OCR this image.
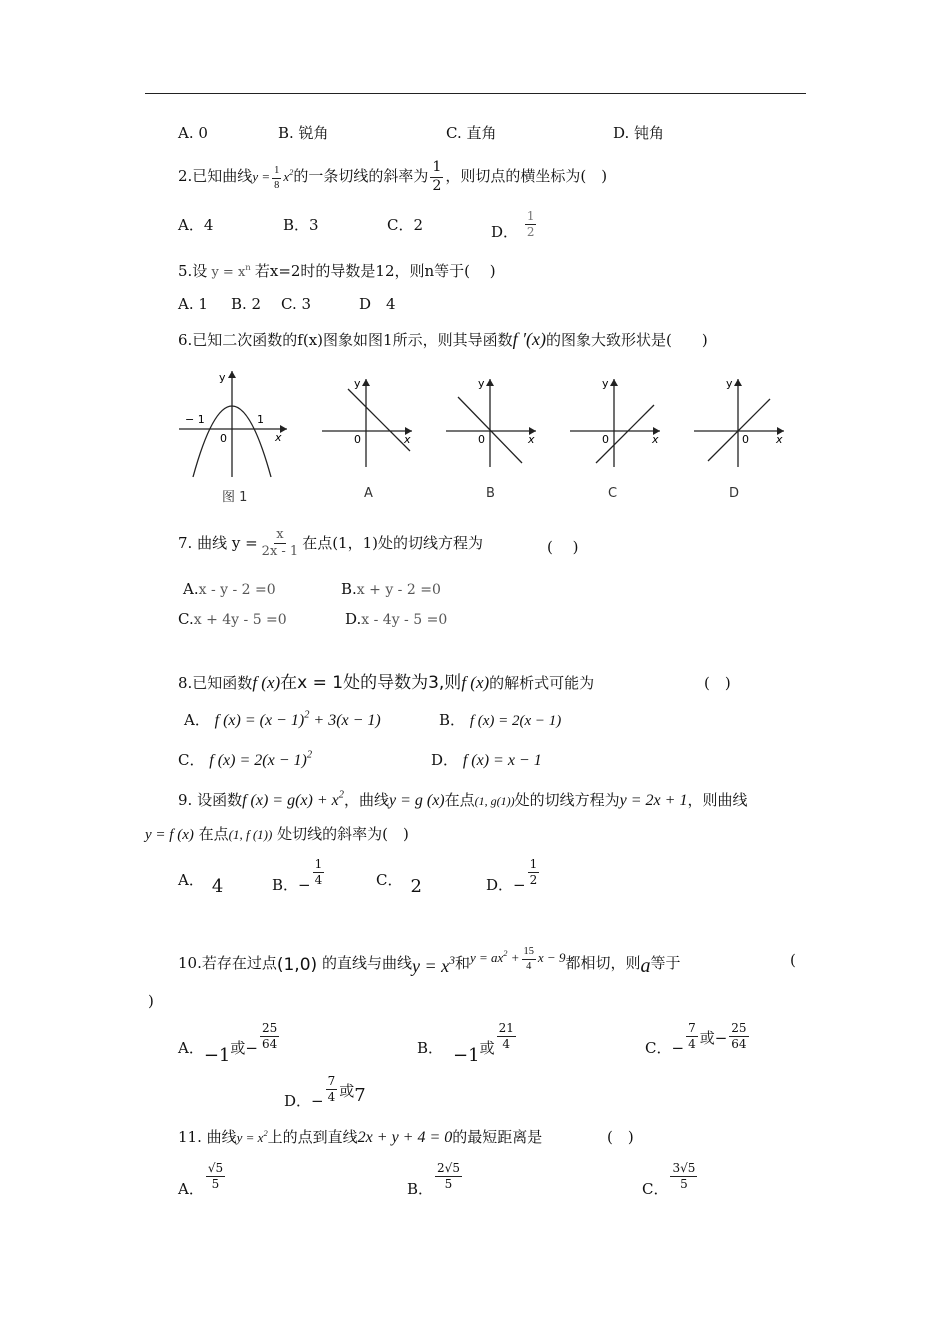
A. 0	B. 锐角	C. 直角	D. 钝角
2.已知曲线$y = \frac{1}{8} x^2$的一条切线的斜率为 $\frac{1}{2}$ ，则切点的横坐标为(　)
A．4	B．3	C．2	D． $\frac{1}{2}$
5.设 $y = x^n$ 若x=2时的导数是12，则n等于(　 )
A. 1 B. 2 C. 3	D　4
6.已知二次函数的f(x)图象如图1所示，则其导函数f ′(x)的图象大致形状是(　　)
y
x
0
− 1	1
y
x
0
y
x
0
y
x
0
y
x
0
图 1	A	B	C	D
7. 曲线 $y = \frac{x}{2x - 1}$ 在点(1，1)处的切线方程为	(　 )
A.x - y - 2 =0	B.x + y - 2 =0
C.x + 4y - 5 =0	D.x - 4y - 5 =0
8.已知函数f (x)在x = 1处的导数为3,则f (x)的解析式可能为	(　)
A． f $(x) = (x - 1)^2 + 3(x - 1)$	B． f (x) = 2(x − 1)
C． f $(x) = 2(x - 1)^2$	D． f (x) = x − 1
9. 设函数f $(x) = g(x) + x^2$，曲线y = g (x)在点(1, g(1))处的切线方程为y = 2x + 1，则曲线
y = f (x) 在点(1, f (1)) 处切线的斜率为(　)
A． 4	B．− $\frac{1}{4}$	C． 2	D．− $\frac{1}{2}$
10.若存在过点(1,0) 的直线与曲线$y = x^3$和$y = ax^2 + \frac{15}{4}$ x − 9都相切，则a等于	(
)
A．−1或− $\frac{25}{64}$	B． −1或 $\frac{21}{4}$	C．− $\frac{7}{4}$ 或− $\frac{25}{64}$
D．− $\frac{7}{4}$ 或7
11. 曲线$y = x^2$上的点到直线2x + y + 4 = 0的最短距离是	(　)
A． $\frac{√5}{5}$	B． $\frac{2√5}{5}$	C． $\frac{3√5}{5}$
